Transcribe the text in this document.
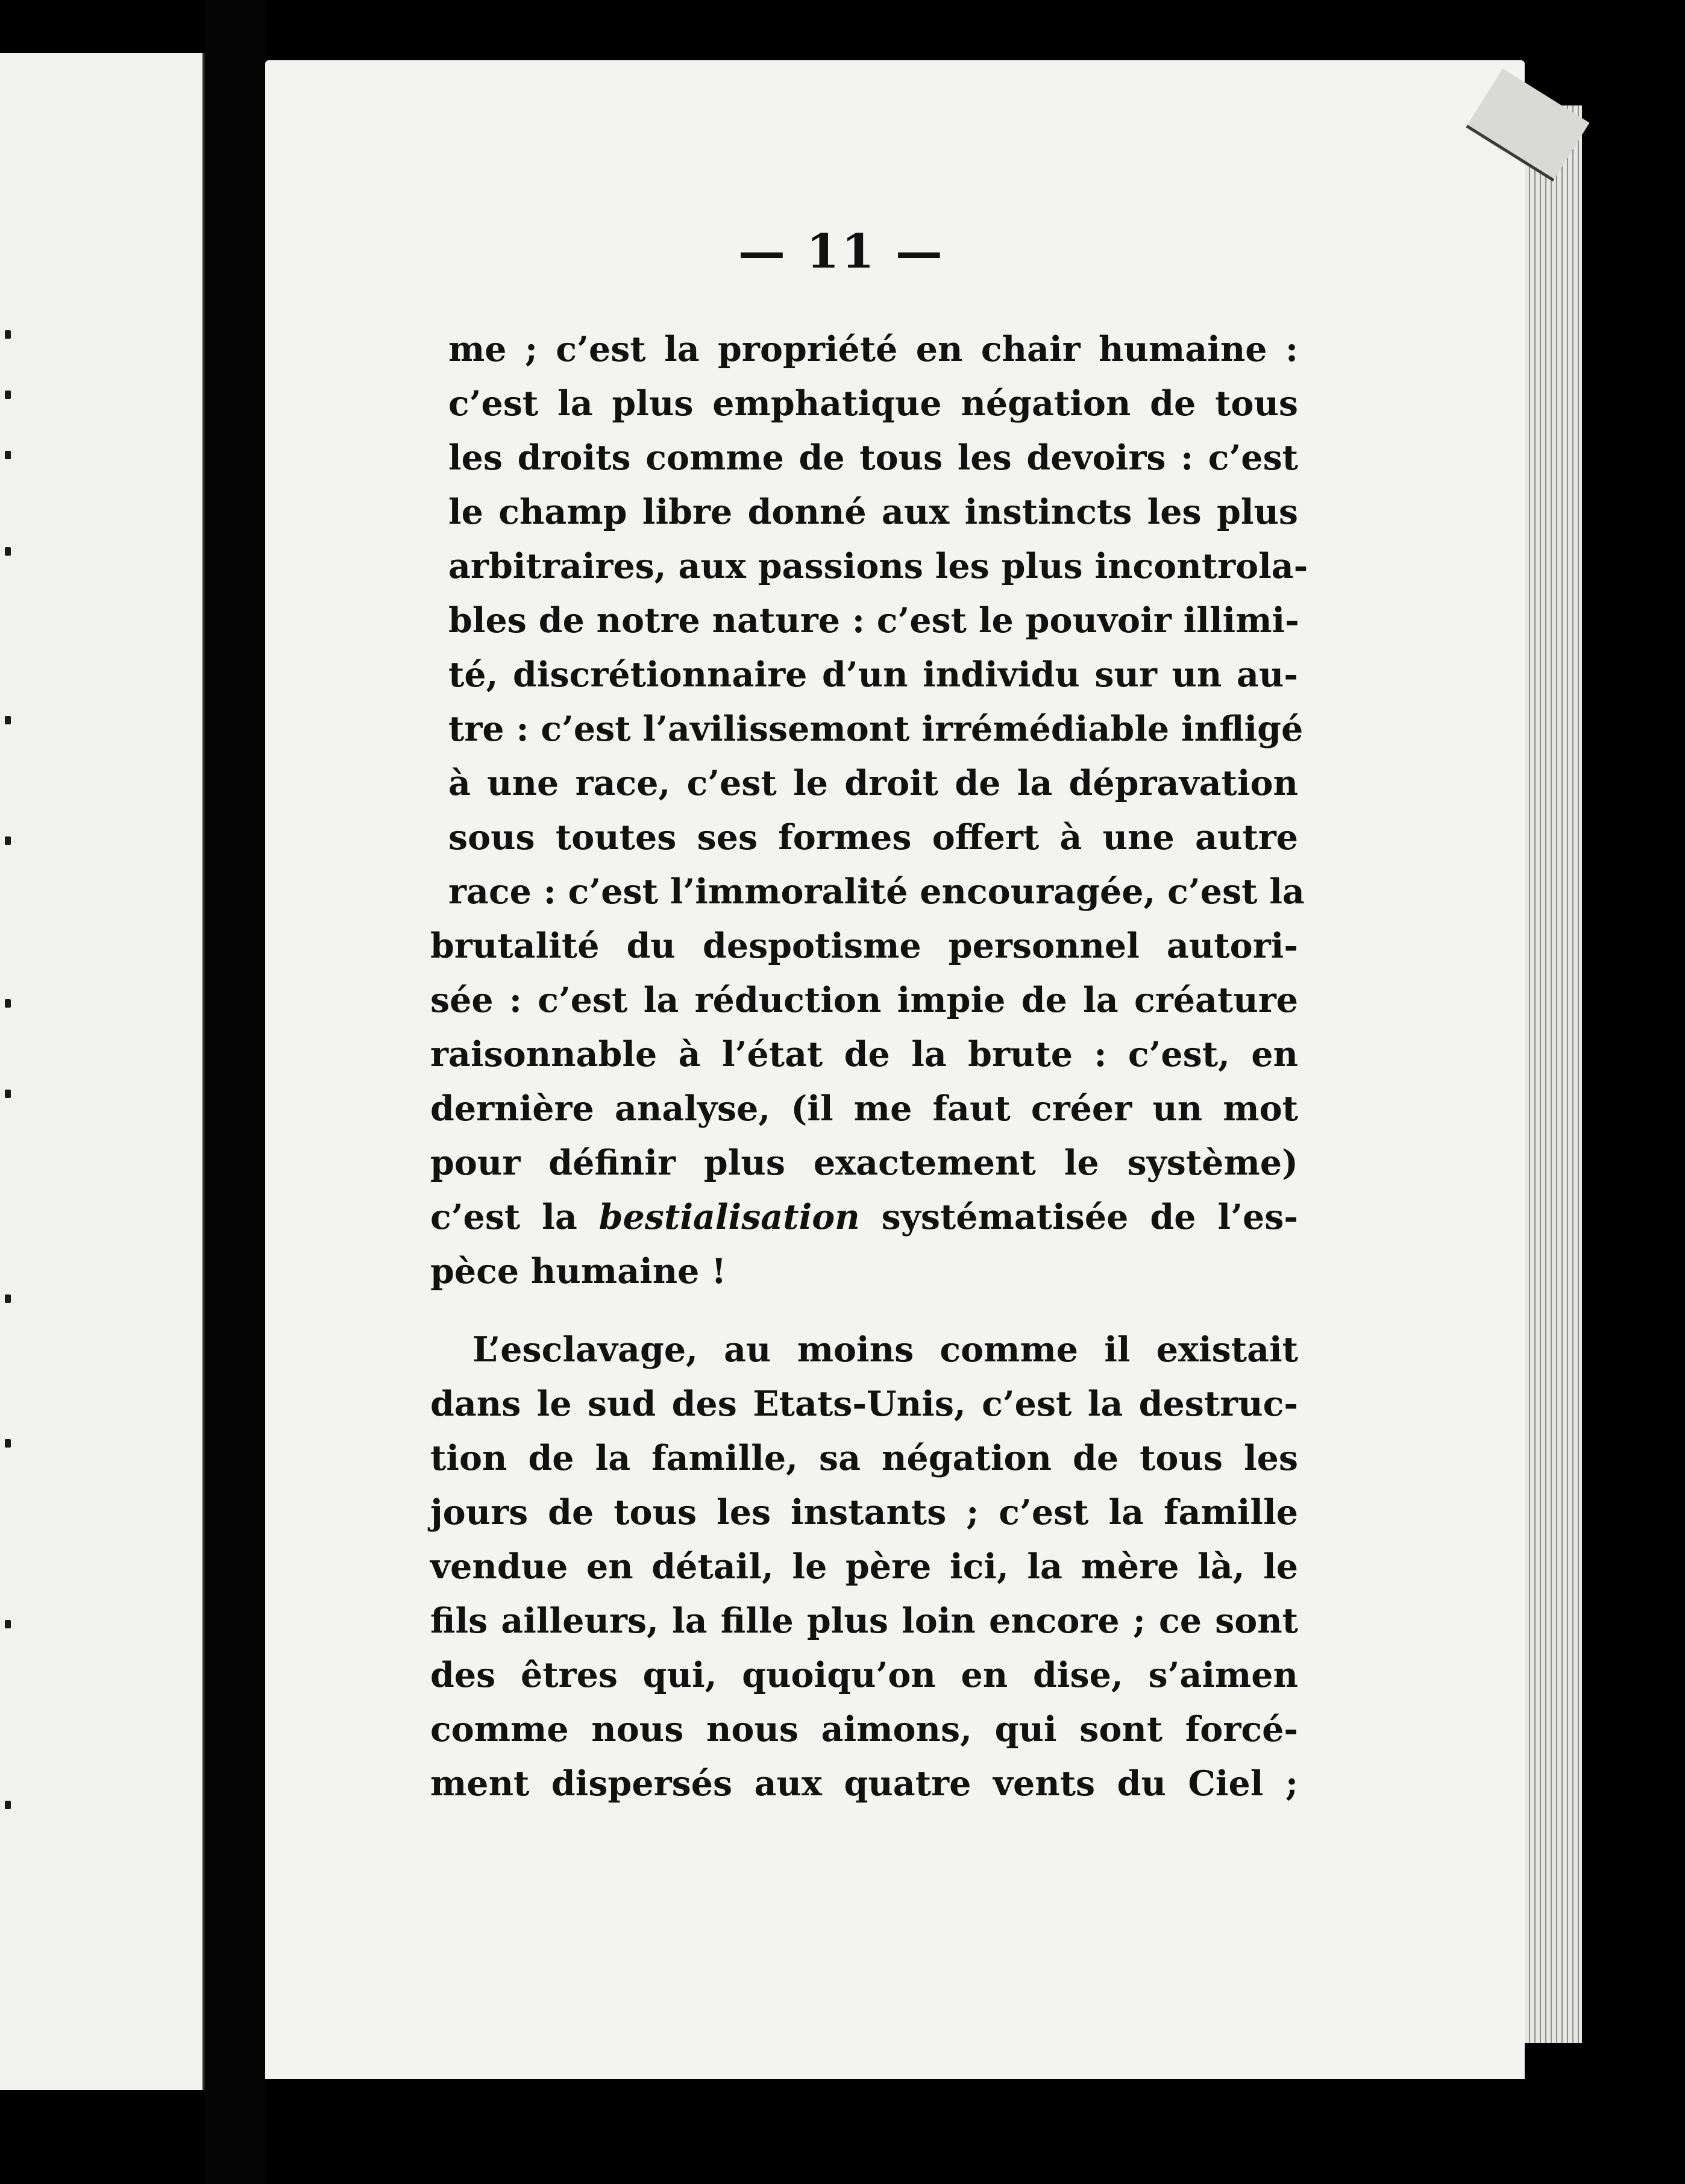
— 11 —
me ; c’est la propriété en chair humaine :
c’est la plus emphatique négation de tous
les droits comme de tous les devoirs : c’est
le champ libre donné aux instincts les plus
arbitraires, aux passions les plus incontrola-
bles de notre nature : c’est le pouvoir illimi-
té, discrétionnaire d’un individu sur un au-
tre : c’est l’avilissemont irrémédiable infligé
à une race, c’est le droit de la dépravation
sous toutes ses formes offert à une autre
race : c’est l’immoralité encouragée, c’est la
brutalité du despotisme personnel autori-
sée : c’est la réduction impie de la créature
raisonnable à l’état de la brute : c’est, en
dernière analyse, (il me faut créer un mot
pour définir plus exactement le système)
c’est la bestialisation systématisée de l’es-
pèce humaine !
L’esclavage, au moins comme il existait
dans le sud des Etats-Unis, c’est la destruc-
tion de la famille, sa négation de tous les
jours de tous les instants ; c’est la famille
vendue en détail, le père ici, la mère là, le
fils ailleurs, la fille plus loin encore ; ce sont
des êtres qui, quoiqu’on en dise, s’aimen
comme nous nous aimons, qui sont forcé-
ment dispersés aux quatre vents du Ciel ;
